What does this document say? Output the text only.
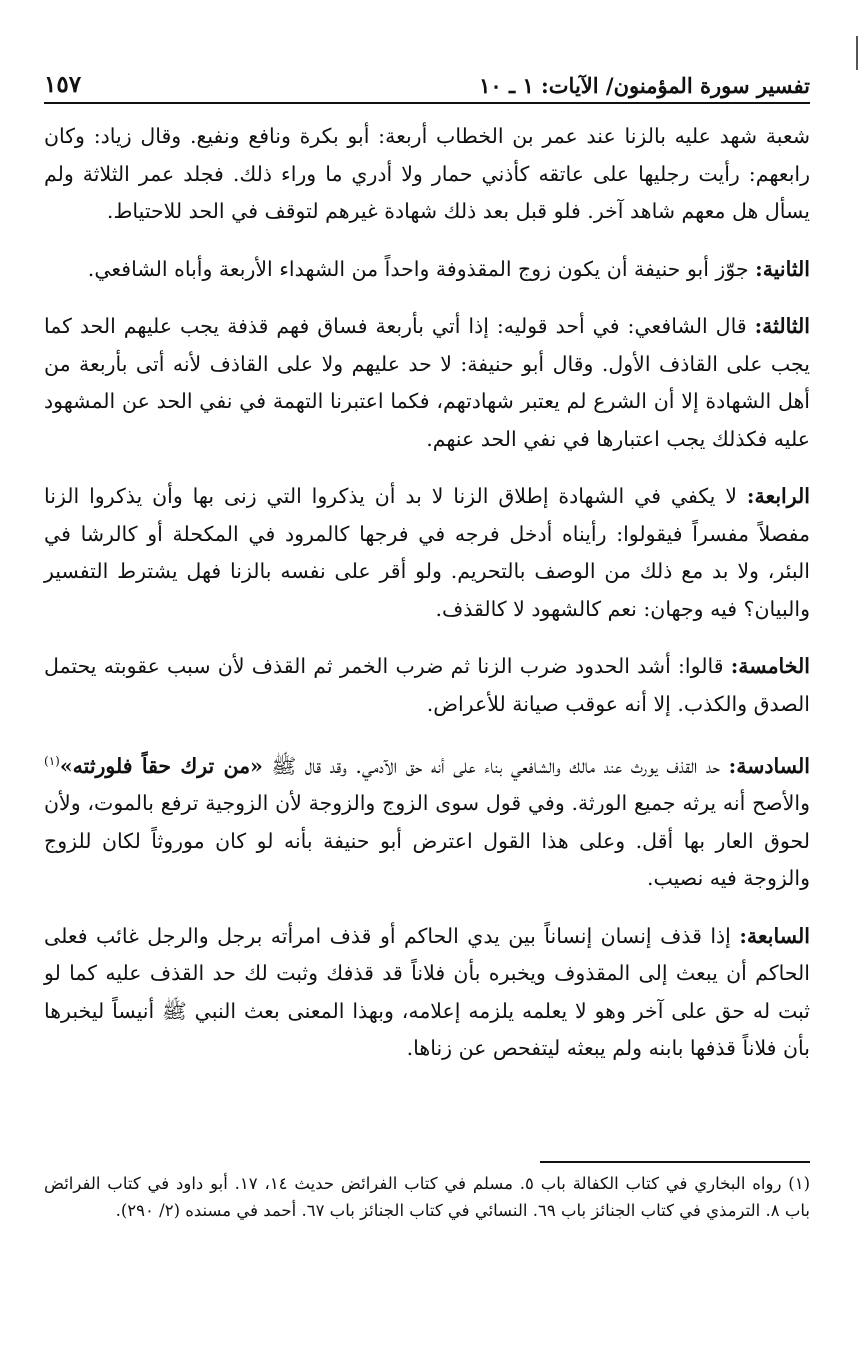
تفسير سورة المؤمنون/ الآيات: ١ ـ ١٠
١٥٧

شعبة شهد عليه بالزنا عند عمر بن الخطاب أربعة: أبو بكرة ونافع ونفيع. وقال زياد: وكان رابعهم: رأيت رجليها على عاتقه كأذني حمار ولا أدري ما وراء ذلك. فجلد عمر الثلاثة ولم يسأل هل معهم شاهد آخر. فلو قبل بعد ذلك شهادة غيرهم لتوقف في الحد للاحتياط.

الثانية: جوّز أبو حنيفة أن يكون زوج المقذوفة واحداً من الشهداء الأربعة وأباه الشافعي.

الثالثة: قال الشافعي: في أحد قوليه: إذا أتي بأربعة فساق فهم قذفة يجب عليهم الحد كما يجب على القاذف الأول. وقال أبو حنيفة: لا حد عليهم ولا على القاذف لأنه أتى بأربعة من أهل الشهادة إلا أن الشرع لم يعتبر شهادتهم، فكما اعتبرنا التهمة في نفي الحد عن المشهود عليه فكذلك يجب اعتبارها في نفي الحد عنهم.

الرابعة: لا يكفي في الشهادة إطلاق الزنا لا بد أن يذكروا التي زنى بها وأن يذكروا الزنا مفصلاً مفسراً فيقولوا: رأيناه أدخل فرجه في فرجها كالمرود في المكحلة أو كالرشا في البئر، ولا بد مع ذلك من الوصف بالتحريم. ولو أقر على نفسه بالزنا فهل يشترط التفسير والبيان؟ فيه وجهان: نعم كالشهود لا كالقذف.

الخامسة: قالوا: أشد الحدود ضرب الزنا ثم ضرب الخمر ثم القذف لأن سبب عقوبته يحتمل الصدق والكذب. إلا أنه عوقب صيانة للأعراض.

السادسة: حد القذف يورث عند مالك والشافعي بناء على أنه حق الآدمي. وقد قال ﷺ «من ترك حقاً فلورثته»$^{(١)}$ والأصح أنه يرثه جميع الورثة. وفي قول سوى الزوج والزوجة لأن الزوجية ترفع بالموت، ولأن لحوق العار بها أقل. وعلى هذا القول اعترض أبو حنيفة بأنه لو كان موروثاً لكان للزوج والزوجة فيه نصيب.

السابعة: إذا قذف إنسان إنساناً بين يدي الحاكم أو قذف امرأته برجل والرجل غائب فعلى الحاكم أن يبعث إلى المقذوف ويخبره بأن فلاناً قد قذفك وثبت لك حد القذف عليه كما لو ثبت له حق على آخر وهو لا يعلمه يلزمه إعلامه، وبهذا المعنى بعث النبي ﷺ أنيساً ليخبرها بأن فلاناً قذفها بابنه ولم يبعثه ليتفحص عن زناها.

(١) رواه البخاري في كتاب الكفالة باب ٥. مسلم في كتاب الفرائض حديث ١٤، ١٧. أبو داود في كتاب الفرائض باب ٨. الترمذي في كتاب الجنائز باب ٦٩. النسائي في كتاب الجنائز باب ٦٧. أحمد في مسنده (٢/ ٢٩٠).
